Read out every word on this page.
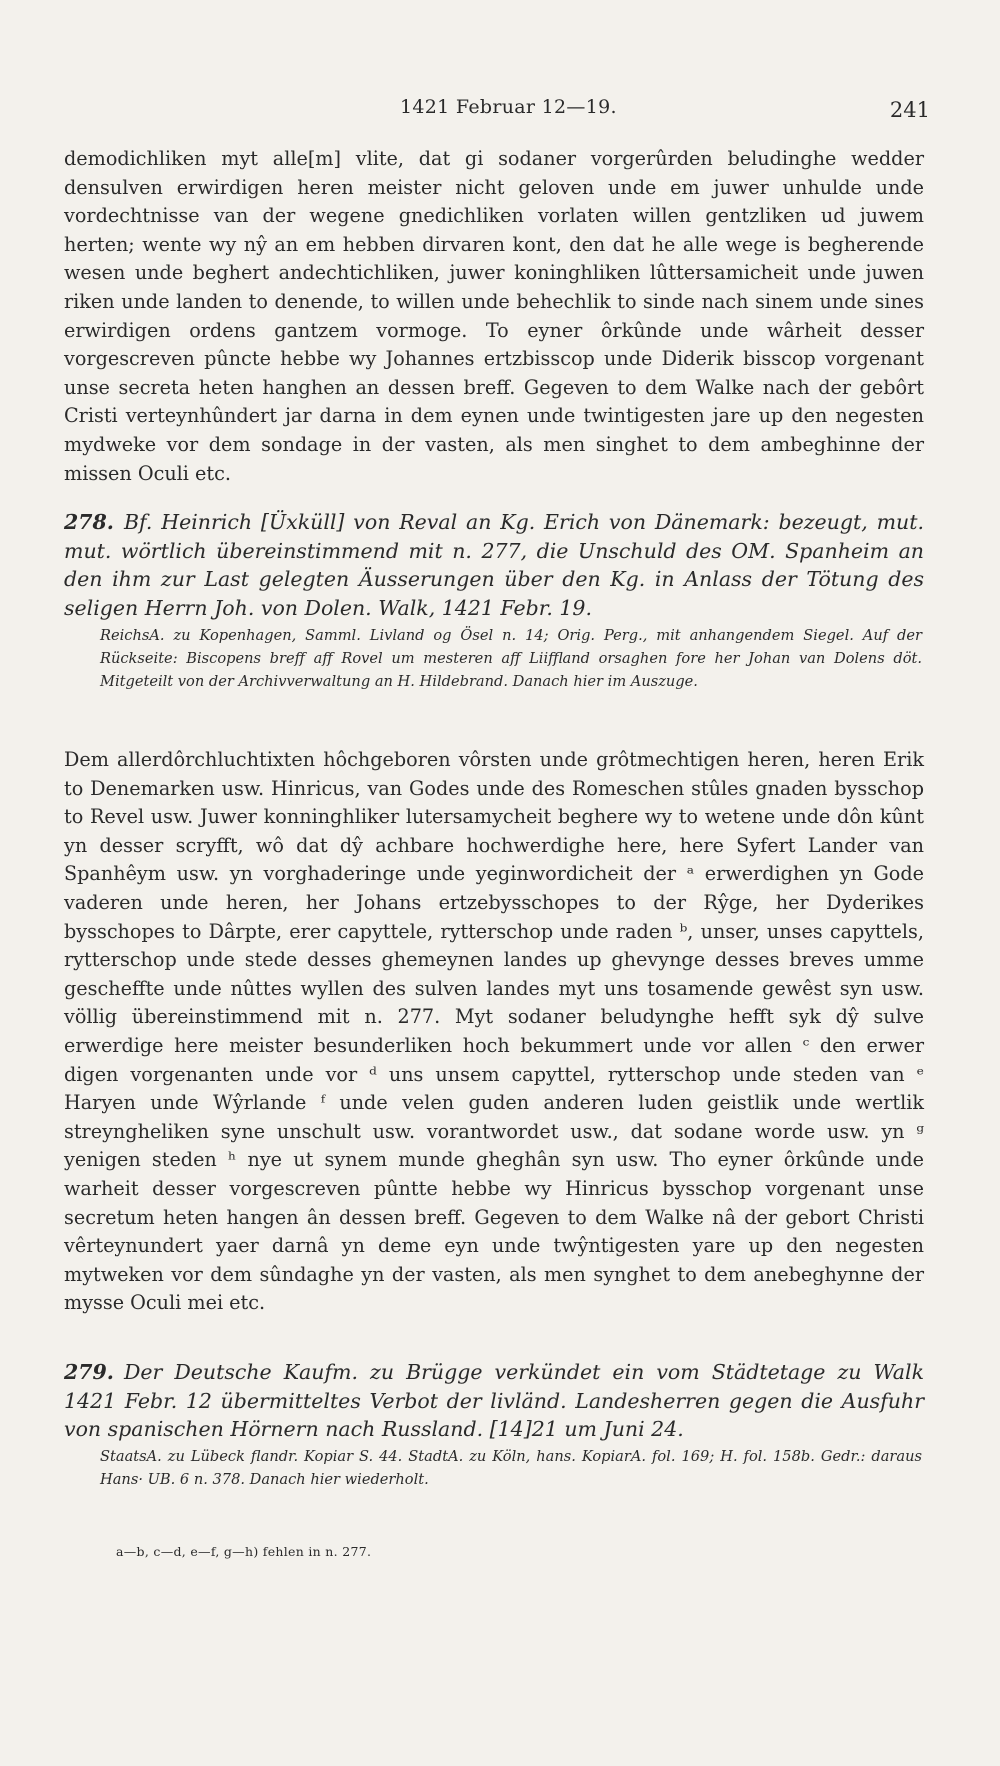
1421 Februar 12—19.	241

demodichliken myt alle[m] vlite, dat gi sodaner vorgerûrden beludinghe wedder densulven erwirdigen heren meister nicht geloven unde em juwer unhulde unde vordechtnisse van der wegene gnedichliken vorlaten willen gentzliken ud juwem herten; wente wy nŷ an em hebben dirvaren kont, den dat he alle wege is begherende wesen unde beghert andechtichliken, juwer koninghliken lûttersamicheit unde juwen riken unde landen to denende, to willen unde behechlik to sinde nach sinem unde sines erwirdigen ordens gantzem vormoge. To eyner ôrkûnde unde wârheit desser vorgescreven pûncte hebbe wy Johannes ertzbisscop unde Diderik bisscop vorgenant unse secreta heten hanghen an dessen breff. Gegeven to dem Walke nach der gebôrt Cristi verteynhûndert jar darna in dem eynen unde twintigesten jare up den negesten mydweke vor dem sondage in der vasten, als men singhet to dem ambeghinne der missen Oculi etc.

278. Bf. Heinrich [Üxküll] von Reval an Kg. Erich von Dänemark: bezeugt, mut. mut. wörtlich übereinstimmend mit n. 277, die Unschuld des OM. Spanheim an den ihm zur Last gelegten Äusserungen über den Kg. in Anlass der Tötung des seligen Herrn Joh. von Dolen. Walk, 1421 Febr. 19.

ReichsA. zu Kopenhagen, Samml. Livland og Ösel n. 14; Orig. Perg., mit anhangendem Siegel. Auf der Rückseite: Biscopens breff aff Rovel um mesteren aff Liiffland orsaghen fore her Johan van Dolens döt. Mitgeteilt von der Archivverwaltung an H. Hildebrand. Danach hier im Auszuge.

Dem allerdôrchluchtixten hôchgeboren vôrsten unde grôtmechtigen heren, heren Erik to Denemarken usw. Hinricus, van Godes unde des Romeschen stûles gnaden bysschop to Revel usw. Juwer konninghliker lutersamycheit beghere wy to wetene unde dôn kûnt yn desser scryfft, wô dat dŷ achbare hochwerdighe here, here Syfert Lander van Spanhêym usw. yn vorghaderinge unde yeginwordicheit der ᵃ erwerdighen yn Gode vaderen unde heren, her Johans ertzebysschopes to der Rŷge, her Dyderikes bysschopes to Dârpte, erer capyttele, rytterschop unde raden ᵇ, unser, unses capyttels, rytterschop unde stede desses ghemeynen landes up ghevynge desses breves umme gescheffte unde nûttes wyllen des sulven landes myt uns tosamende gewêst syn usw. völlig übereinstimmend mit n. 277. Myt sodaner beludynghe hefft syk dŷ sulve erwerdige here meister besunderliken hoch bekummert unde vor allen ᶜ den erwer digen vorgenanten unde vor ᵈ uns unsem capyttel, rytterschop unde steden van ᵉ Haryen unde Wŷrlande ᶠ unde velen guden anderen luden geistlik unde wertlik streyngheliken syne unschult usw. vorantwordet usw., dat sodane worde usw. yn ᵍ yenigen steden ʰ nye ut synem munde gheghân syn usw. Tho eyner ôrkûnde unde warheit desser vorgescreven pûntte hebbe wy Hinricus bysschop vorgenant unse secretum heten hangen ân dessen breff. Gegeven to dem Walke nâ der gebort Christi vêrteynundert yaer darnâ yn deme eyn unde twŷntigesten yare up den negesten mytweken vor dem sûndaghe yn der vasten, als men synghet to dem anebeghynne der mysse Oculi mei etc.

279. Der Deutsche Kaufm. zu Brügge verkündet ein vom Städtetage zu Walk 1421 Febr. 12 übermitteltes Verbot der livländ. Landesherren gegen die Ausfuhr von spanischen Hörnern nach Russland. [14]21 um Juni 24.

StaatsA. zu Lübeck flandr. Kopiar S. 44. StadtA. zu Köln, hans. KopiarA. fol. 169; H. fol. 158b. Gedr.: daraus Hans· UB. 6 n. 378. Danach hier wiederholt.

a—b, c—d, e—f, g—h) fehlen in n. 277.
